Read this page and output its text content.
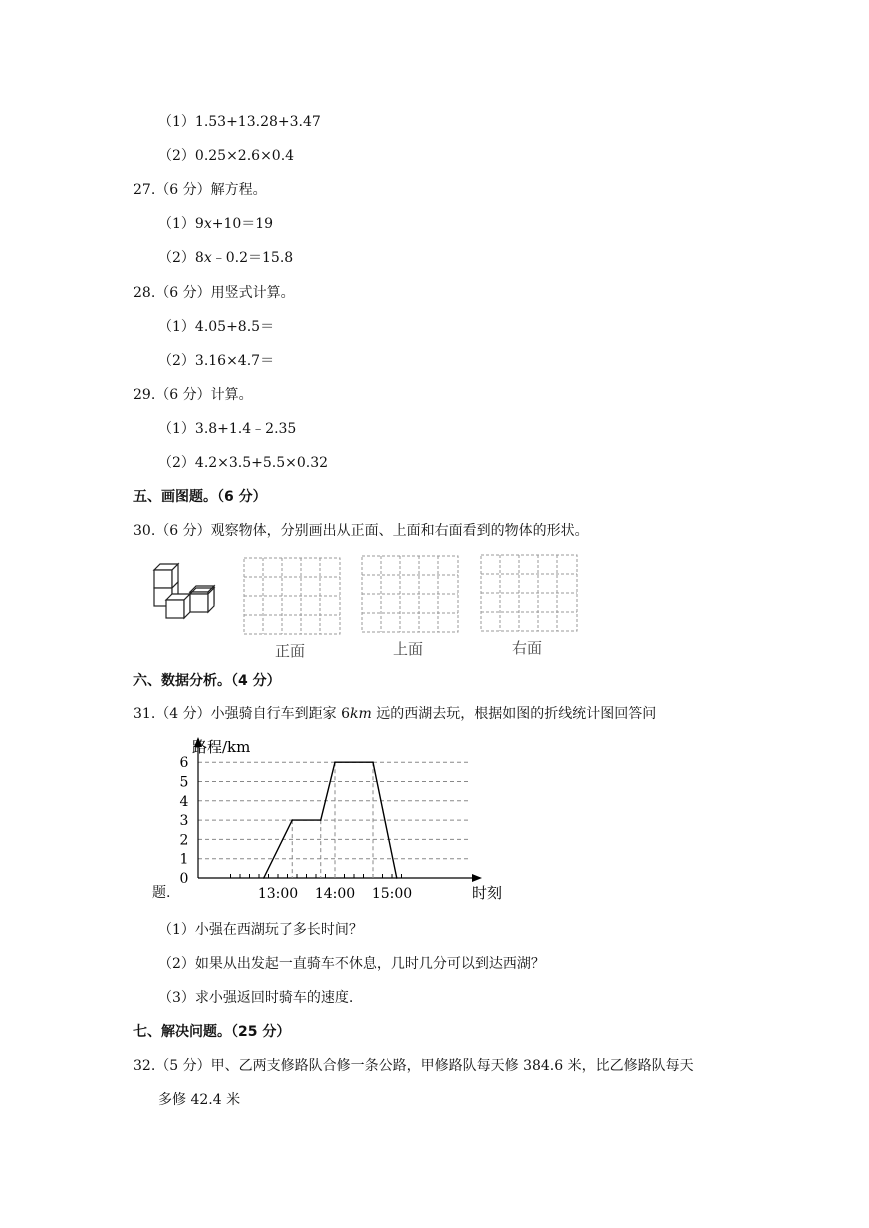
（1）1.53+13.28+3.47
（2）0.25×2.6×0.4
27.（6 分）解方程。
（1）9x+10＝19
（2）8x﹣0.2＝15.8
28.（6 分）用竖式计算。
（1）4.05+8.5＝
（2）3.16×4.7＝
29.（6 分）计算。
（1）3.8+1.4﹣2.35
（2）4.2×3.5+5.5×0.32
五、画图题。（6 分）
30.（6 分）观察物体，分别画出从正面、上面和右面看到的物体的形状。
正面	上面	右面
六、数据分析。（4 分）
31.（4 分）小强骑自行车到距家 6km 远的西湖去玩，根据如图的折线统计图回答问
0
1
2
3
4
5
6
13:00 14:00 15:00
路程/km
时刻
题.
（1）小强在西湖玩了多长时间？
（2）如果从出发起一直骑车不休息，几时几分可以到达西湖？
（3）求小强返回时骑车的速度.
七、解决问题。（25 分）
32.（5 分）甲、乙两支修路队合修一条公路，甲修路队每天修 384.6 米，比乙修路队每天
多修 42.4 米
